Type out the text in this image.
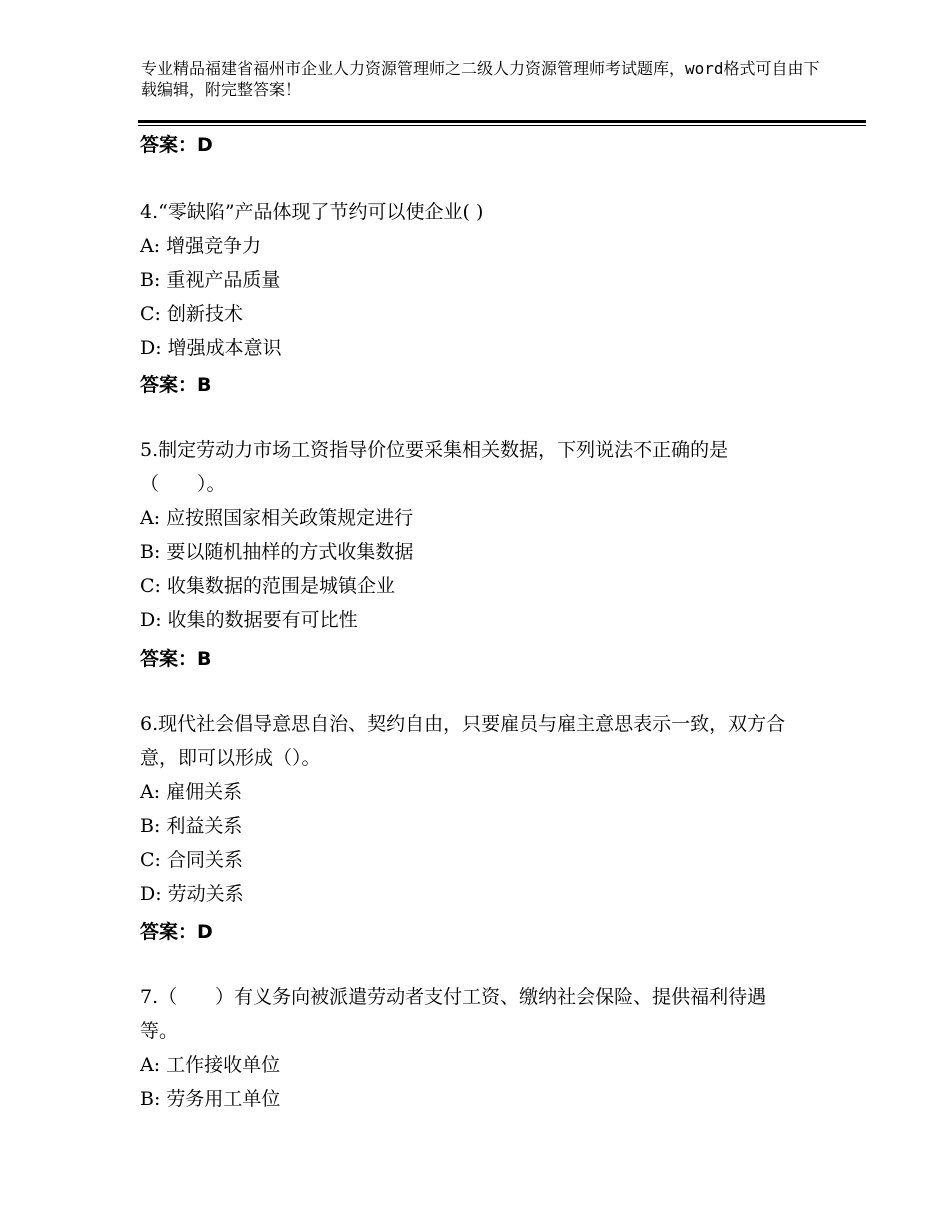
专业精品福建省福州市企业人力资源管理师之二级人力资源管理师考试题库，word格式可自由下载编辑，附完整答案！
答案：D
4.“零缺陷”产品体现了节约可以使企业( )
A: 增强竞争力
B: 重视产品质量
C: 创新技术
D: 增强成本意识
答案：B
5.制定劳动力市场工资指导价位要采集相关数据，下列说法不正确的是（　　）。
A: 应按照国家相关政策规定进行
B: 要以随机抽样的方式收集数据
C: 收集数据的范围是城镇企业
D: 收集的数据要有可比性
答案：B
6.现代社会倡导意思自治、契约自由，只要雇员与雇主意思表示一致，双方合意，即可以形成（）。
A: 雇佣关系
B: 利益关系
C: 合同关系
D: 劳动关系
答案：D
7.（　　）有义务向被派遣劳动者支付工资、缴纳社会保险、提供福利待遇等。
A: 工作接收单位
B: 劳务用工单位
